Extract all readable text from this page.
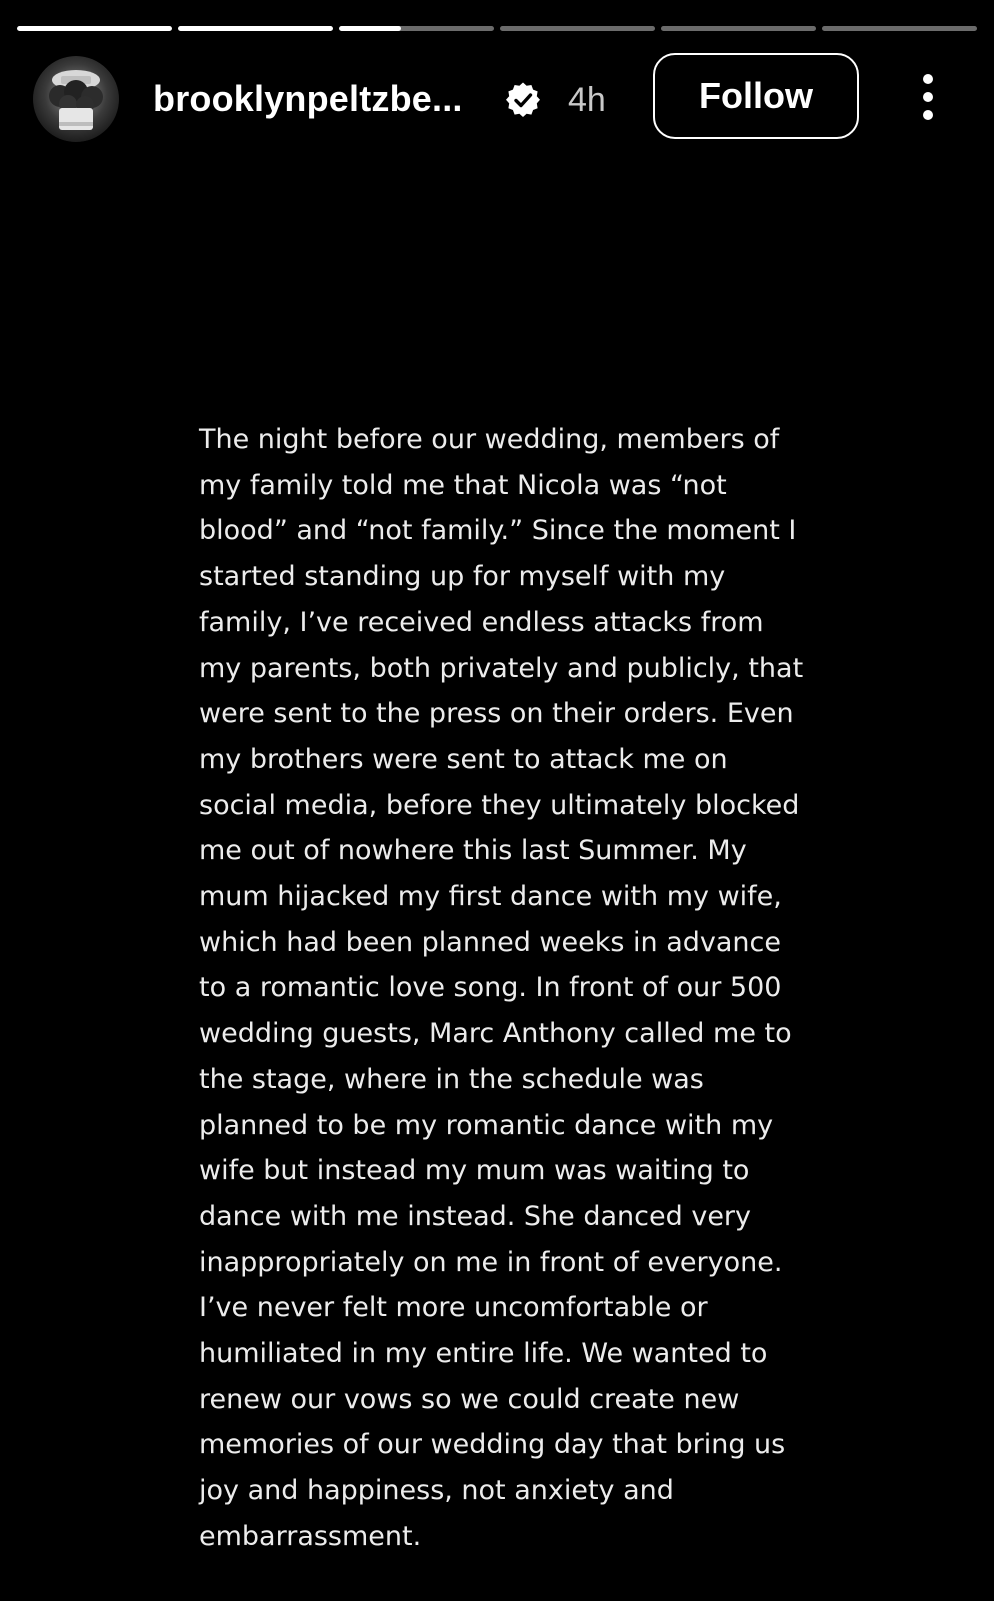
brooklynpeltzbe...	4h	Follow

The night before our wedding, members of
my family told me that Nicola was “not
blood” and “not family.” Since the moment I
started standing up for myself with my
family, I’ve received endless attacks from
my parents, both privately and publicly, that
were sent to the press on their orders. Even
my brothers were sent to attack me on
social media, before they ultimately blocked
me out of nowhere this last Summer. My
mum hijacked my first dance with my wife,
which had been planned weeks in advance
to a romantic love song. In front of our 500
wedding guests, Marc Anthony called me to
the stage, where in the schedule was
planned to be my romantic dance with my
wife but instead my mum was waiting to
dance with me instead. She danced very
inappropriately on me in front of everyone.
I’ve never felt more uncomfortable or
humiliated in my entire life. We wanted to
renew our vows so we could create new
memories of our wedding day that bring us
joy and happiness, not anxiety and
embarrassment.
